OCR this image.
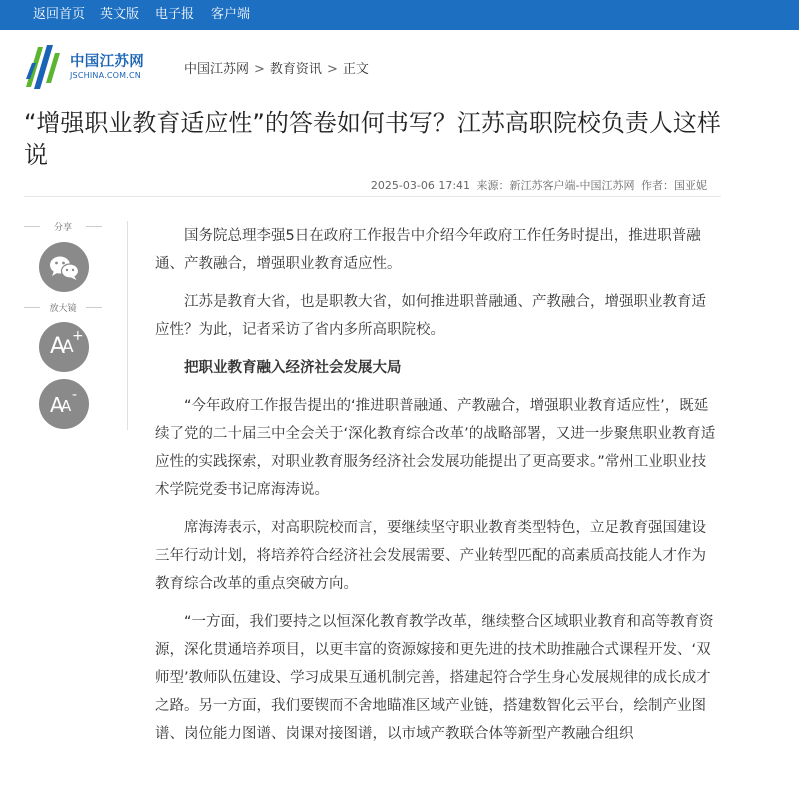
返回首页 英文版 电子报 客户端
中国江苏网
JSCHINA.COM.CN	中国江苏网 > 教育资讯 > 正文
“增强职业教育适应性”的答卷如何书写？江苏高职院校负责人这样说
2025-03-06 17:41 来源：新江苏客户端-中国江苏网 作者：国亚妮
分享
放大镜
A
A
+
A
A
-

国务院总理李强5日在政府工作报告中介绍今年政府工作任务时提出，推进职普融通、产教融合，增强职业教育适应性。

江苏是教育大省，也是职教大省，如何推进职普融通、产教融合，增强职业教育适应性？为此，记者采访了省内多所高职院校。

把职业教育融入经济社会发展大局

“今年政府工作报告提出的‘推进职普融通、产教融合，增强职业教育适应性’，既延续了党的二十届三中全会关于‘深化教育综合改革’的战略部署，又进一步聚焦职业教育适应性的实践探索，对职业教育服务经济社会发展功能提出了更高要求。”常州工业职业技术学院党委书记席海涛说。

席海涛表示，对高职院校而言，要继续坚守职业教育类型特色，立足教育强国建设三年行动计划，将培养符合经济社会发展需要、产业转型匹配的高素质高技能人才作为教育综合改革的重点突破方向。

“一方面，我们要持之以恒深化教育教学改革，继续整合区域职业教育和高等教育资源，深化贯通培养项目，以更丰富的资源嫁接和更先进的技术助推融合式课程开发、‘双师型’教师队伍建设、学习成果互通机制完善，搭建起符合学生身心发展规律的成长成才之路。另一方面，我们要锲而不舍地瞄准区域产业链，搭建数智化云平台，绘制产业图谱、岗位能力图谱、岗课对接图谱，以市域产教联合体等新型产教融合组织
